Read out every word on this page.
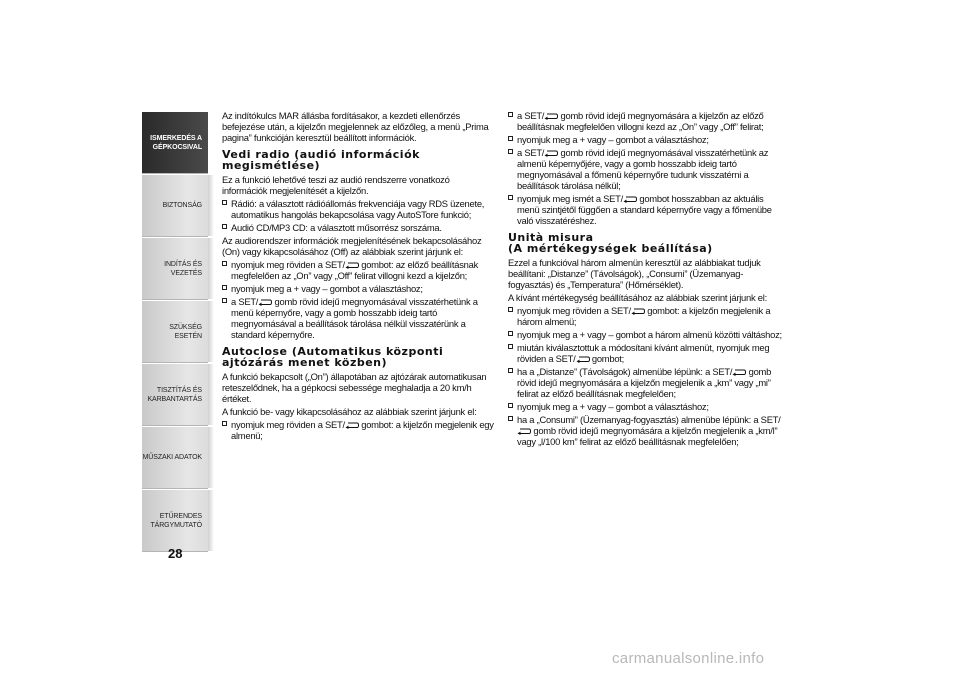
ISMERKEDÉS A
GÉPKOCSIVAL
BIZTONSÁG
INDÍTÁS ÉS VEZETÉS
SZÜKSÉG ESETÉN
TISZTÍTÁS ÉS
KARBANTARTÁS
MŰSZAKI ADATOK
ETŰRENDES
TÁRGYMUTATÓ
28

Az indítókulcs MAR állásba fordításakor, a kezdeti ellenőrzés befejezése után, a kijelzőn megjelennek az előzőleg, a menü „Prima pagina” funkcióján keresztül beállított információk.

Vedi radio (audió információk megismétlése)

Ez a funkció lehetővé teszi az audió rendszerre vonatkozó információk megjelenítését a kijelzőn.

Rádió: a választott rádióállomás frekvenciája vagy RDS üzenete, automatikus hangolás bekapcsolása vagy AutoSTore funkció;
Audió CD/MP3 CD: a választott műsorrész sorszáma.

Az audiorendszer információk megjelenítésének bekapcsolásához (On) vagy kikapcsolásához (Off) az alábbiak szerint járjunk el:

nyomjuk meg röviden a SET/ gombot: az előző beállításnak megfelelően az „On” vagy „Off” felirat villogni kezd a kijelzőn;
nyomjuk meg a + vagy – gombot a választáshoz;
a SET/ gomb rövid idejű megnyomásával visszatérhetünk a menü képernyőre, vagy a gomb hosszabb ideig tartó megnyomásával a beállítások tárolása nélkül visszatérünk a standard képernyőre.
Autoclose (Automatikus központi ajtózárás menet közben)

A funkció bekapcsolt („On”) állapotában az ajtózárak automatikusan reteszelődnek, ha a gépkocsi sebessége meghaladja a 20 km/h értéket.

A funkció be- vagy kikapcsolásához az alábbiak szerint járjunk el:

nyomjuk meg röviden a SET/ gombot: a kijelzőn megjelenik egy almenü;
a SET/ gomb rövid idejű megnyomására a kijelzőn az előző beállításnak megfelelően villogni kezd az „On” vagy „Off” felirat;
nyomjuk meg a + vagy – gombot a választáshoz;
a SET/ gomb rövid idejű megnyomásával visszatérhetünk az almenü képernyőjére, vagy a gomb hosszabb ideig tartó megnyomásával a főmenü képernyőre tudunk visszatérni a beállítások tárolása nélkül;
nyomjuk meg ismét a SET/ gombot hosszabban az aktuális menü szintjétől függően a standard képernyőre vagy a főmenübe való visszatéréshez.
Unità misura
(A mértékegységek beállítása)

Ezzel a funkcióval három almenün keresztül az alábbiakat tudjuk beállítani: „Distanze” (Távolságok), „Consumi” (Üzemanyag-fogyasztás) és „Temperatura” (Hőmérséklet).

A kívánt mértékegység beállításához az alábbiak szerint járjunk el:

nyomjuk meg röviden a SET/ gombot: a kijelzőn megjelenik a három almenü;
nyomjuk meg a + vagy – gombot a három almenü közötti váltáshoz;
miután kiválasztottuk a módosítani kívánt almenüt, nyomjuk meg röviden a SET/ gombot;
ha a „Distanze” (Távolságok) almenübe lépünk: a SET/ gomb rövid idejű megnyomására a kijelzőn megjelenik a „km” vagy „mi” felirat az előző beállításnak megfelelően;
nyomjuk meg a + vagy – gombot a választáshoz;
ha a „Consumi” (Üzemanyag-fogyasztás) almenübe lépünk: a SET/
gomb rövid idejű megnyomására a kijelzőn megjelenik a „km/l” vagy „l/100 km” felirat az előző beállításnak megfelelően;
carmanualsonline.info
